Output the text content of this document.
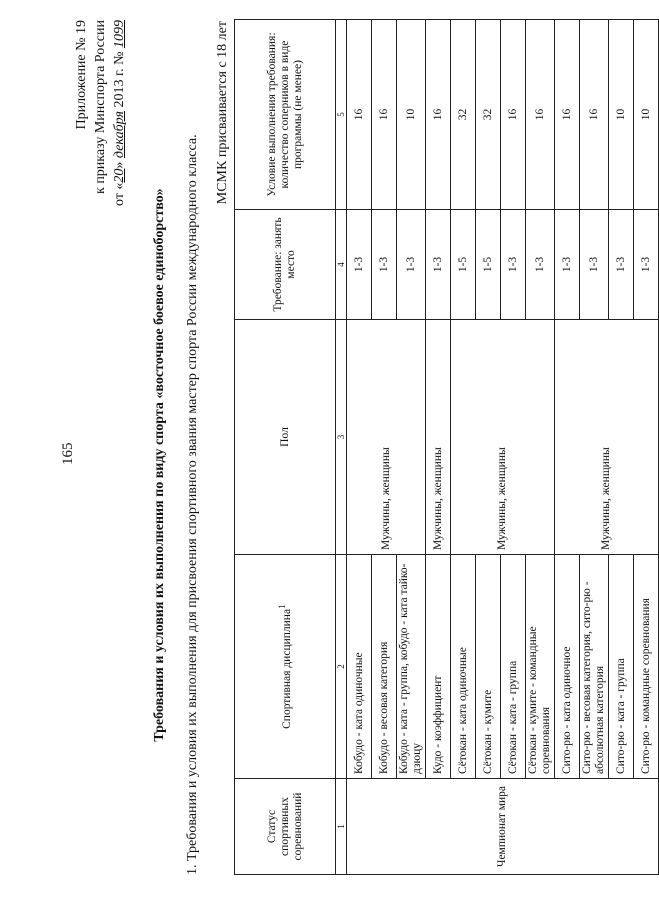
165
Приложение № 19 к приказу Минспорта России
от «20» декабря 2013 г. № 1099
Требования и условия их выполнения по виду спорта «восточное боевое единоборство» 1. Требования и условия их выполнения для присвоения спортивного звания мастер спорта России международного класса.
МСМК присваивается с 18 лет
Статус спортивных соревнований	Спортивная дисциплина$^1$	Пол	Требование: занять место	Условие выполнения требования: количество соперников в виде программы (не менее)
1	2	3	4	5
Чемпионат мира	Кобудо - ката одиночные	Мужчины, женщины	1-3	16
	Кобудо - весовая категория		1-3	16
	Кобудо - ката - группа, кобудо - ката тайко-дзюцу		1-3	10
	Кудо - коэффициент	Мужчины, женщины	1-3	16
	Сётокан - ката одиночные	Мужчины, женщины	1-5	32
	Сётокан - кумите		1-5	32
	Сётокан - ката - группа		1-3	16
	Сётокан - кумите - командные соревнования		1-3	16
	Сито-рю - ката одиночное	Мужчины, женщины	1-3	16
	Сито-рю - весовая категория, сито-рю - абсолютная категория		1-3	16
	Сито-рю - ката - группа		1-3	10
	Сито-рю - командные соревнования		1-3	10
